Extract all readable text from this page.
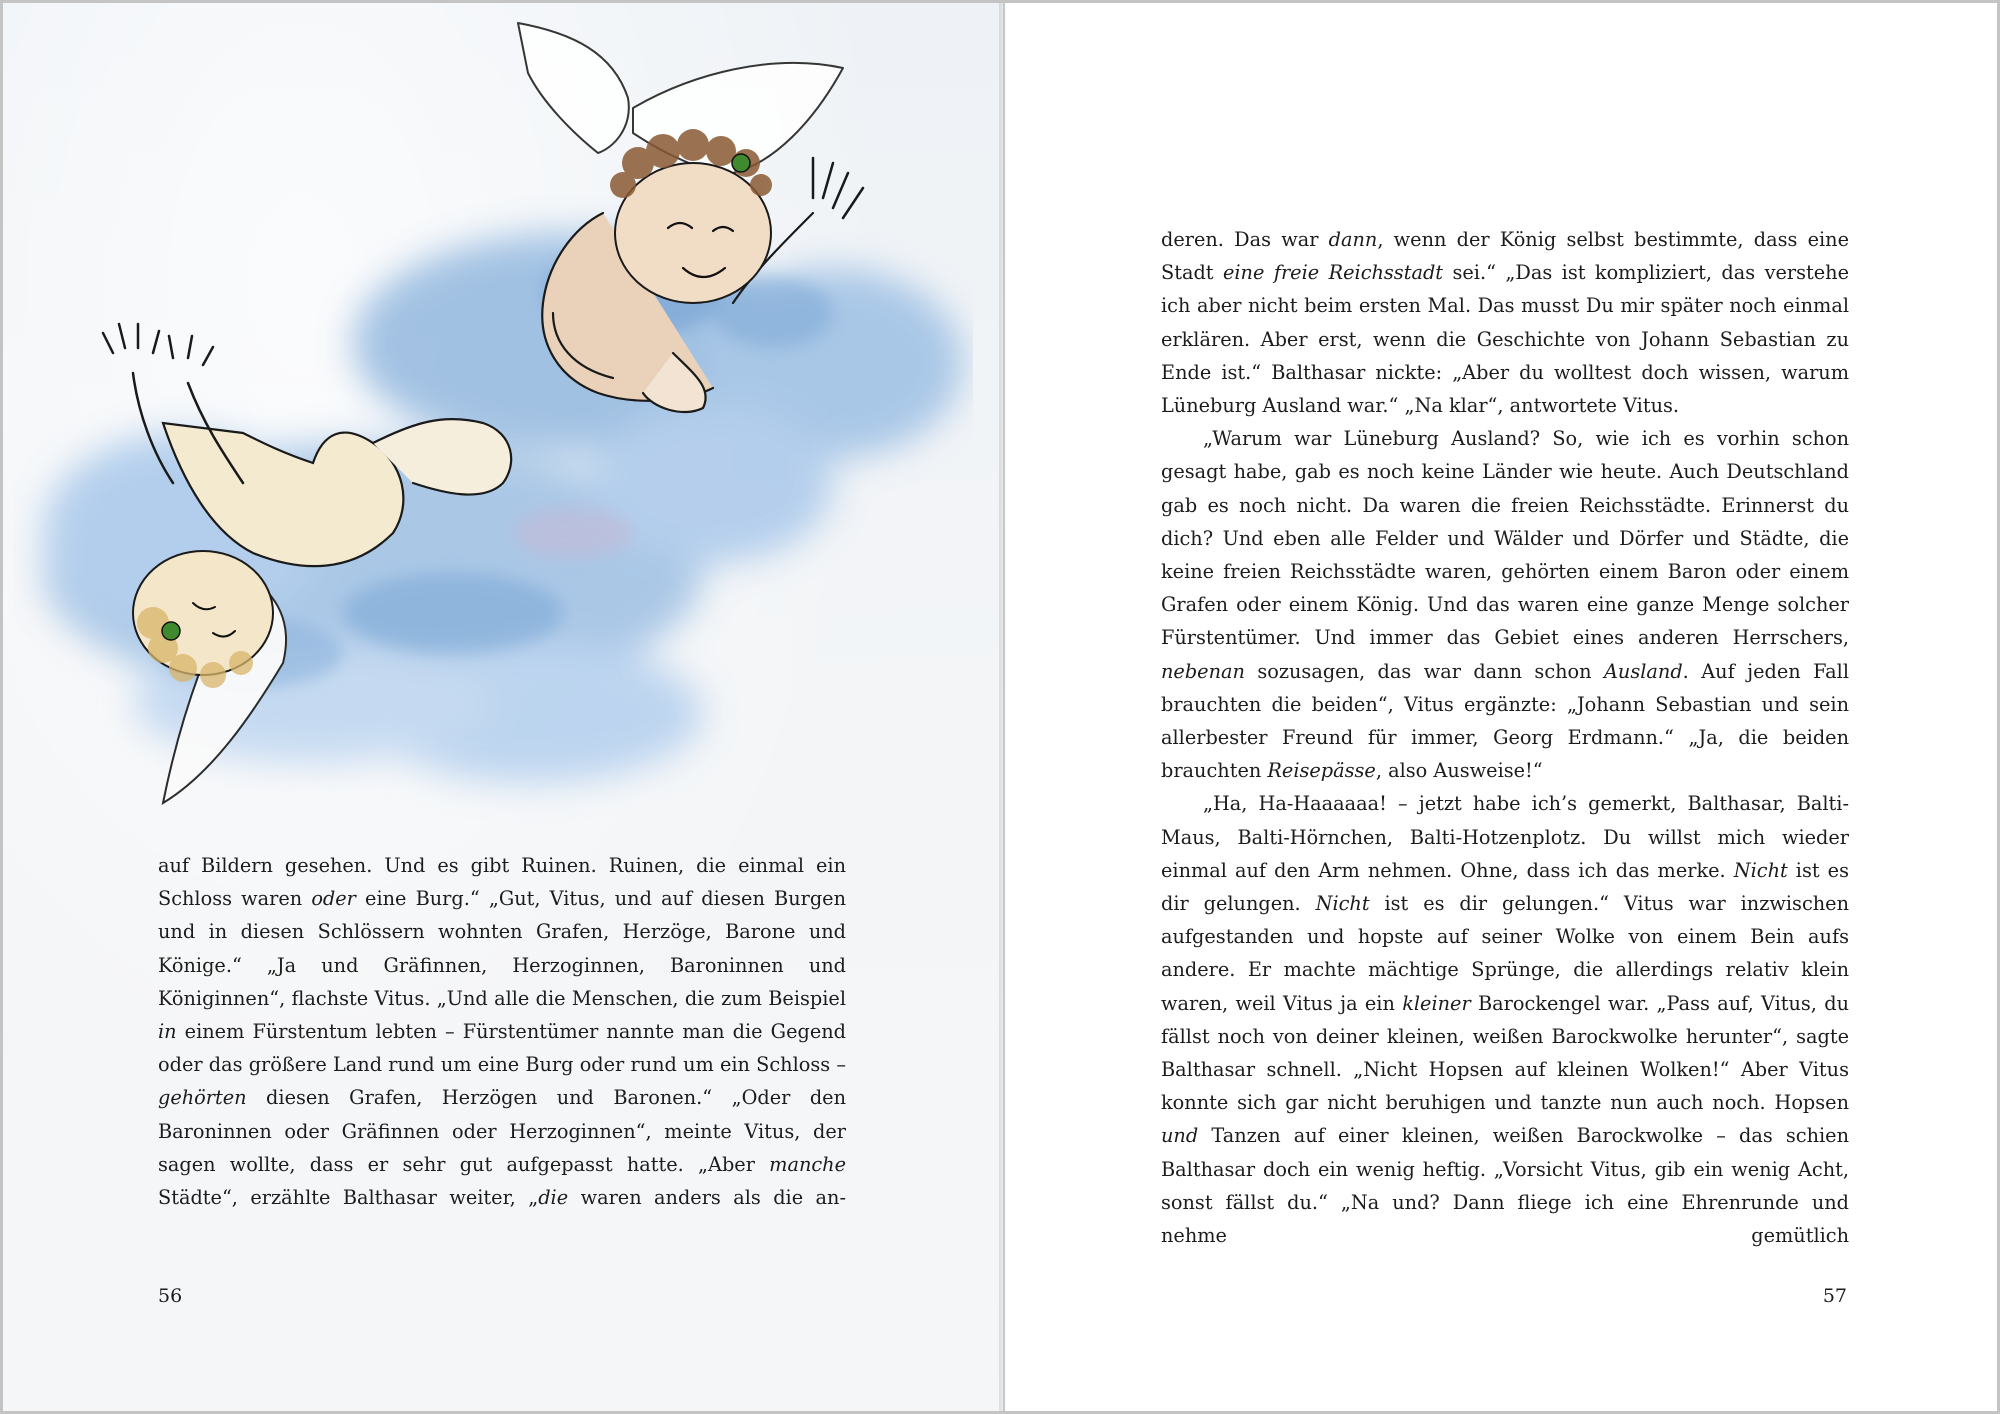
auf Bildern gesehen. Und es gibt Ruinen. Ruinen, die einmal ein Schloss waren oder eine Burg.“ „Gut, Vitus, und auf diesen Burgen und in diesen Schlössern wohnten Grafen, Herzöge, Barone und Könige.“ „Ja und Gräfinnen, Herzoginnen, Baroninnen und Königinnen“, flachste Vitus. „Und alle die Menschen, die zum Beispiel in einem Fürstentum lebten – Fürstentümer nannte man die Gegend oder das größere Land rund um eine Burg oder rund um ein Schloss – gehörten diesen Grafen, Herzögen und Baronen.“ „Oder den Baroninnen oder Gräfinnen oder Herzoginnen“, meinte Vitus, der sagen wollte, dass er sehr gut aufgepasst hatte. „Aber manche Städte“, erzählte Balthasar weiter, „die waren anders als die an-

56

deren. Das war dann, wenn der König selbst bestimmte, dass eine Stadt eine freie Reichsstadt sei.“ „Das ist kompliziert, das verstehe ich aber nicht beim ersten Mal. Das musst Du mir später noch einmal erklären. Aber erst, wenn die Geschichte von Johann Sebastian zu Ende ist.“ Balthasar nickte: „Aber du wolltest doch wissen, warum Lüneburg Ausland war.“ „Na klar“, antwortete Vitus.

„Warum war Lüneburg Ausland? So, wie ich es vorhin schon gesagt habe, gab es noch keine Länder wie heute. Auch Deutschland gab es noch nicht. Da waren die freien Reichsstädte. Erinnerst du dich? Und eben alle Felder und Wälder und Dörfer und Städte, die keine freien Reichsstädte waren, gehörten einem Baron oder einem Grafen oder einem König. Und das waren eine ganze Menge solcher Fürstentümer. Und immer das Gebiet eines anderen Herrschers, nebenan sozusagen, das war dann schon Ausland. Auf jeden Fall brauchten die beiden“, Vitus ergänzte: „Johann Sebastian und sein allerbester Freund für immer, Georg Erdmann.“ „Ja, die beiden brauchten Reisepässe, also Ausweise!“

„Ha, Ha-Haaaaaa! – jetzt habe ich’s gemerkt, Balthasar, Balti-Maus, Balti-Hörnchen, Balti-Hotzenplotz. Du willst mich wieder einmal auf den Arm nehmen. Ohne, dass ich das merke. Nicht ist es dir gelungen. Nicht ist es dir gelungen.“ Vitus war inzwischen aufgestanden und hopste auf seiner Wolke von einem Bein aufs andere. Er machte mächtige Sprünge, die allerdings relativ klein waren, weil Vitus ja ein kleiner Barockengel war. „Pass auf, Vitus, du fällst noch von deiner kleinen, weißen Barockwolke herunter“, sagte Balthasar schnell. „Nicht Hopsen auf kleinen Wolken!“ Aber Vitus konnte sich gar nicht beruhigen und tanzte nun auch noch. Hopsen und Tanzen auf einer kleinen, weißen Barockwolke – das schien Balthasar doch ein wenig heftig. „Vorsicht Vitus, gib ein wenig Acht, sonst fällst du.“ „Na und? Dann fliege ich eine Ehrenrunde und nehme gemütlich

57
